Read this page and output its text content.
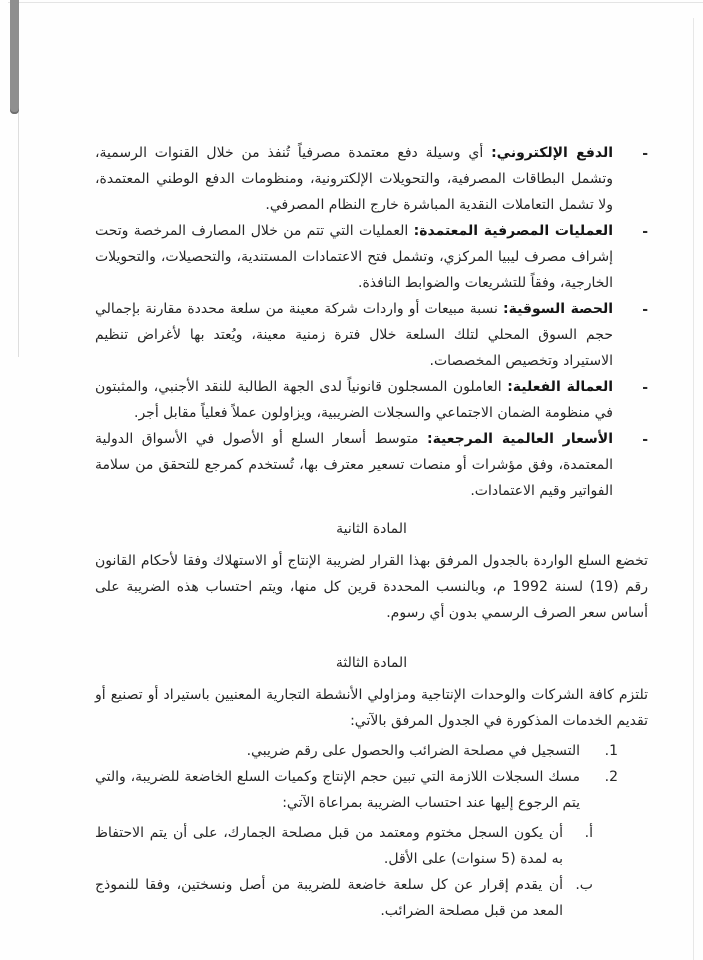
-

الدفع الإلكتروني: أي وسيلة دفع معتمدة مصرفياً تُنفذ من خلال القنوات الرسمية، وتشمل البطاقات المصرفية، والتحويلات الإلكترونية، ومنظومات الدفع الوطني المعتمدة، ولا تشمل التعاملات النقدية المباشرة خارج النظام المصرفي.

-

العمليات المصرفية المعتمدة: العمليات التي تتم من خلال المصارف المرخصة وتحت إشراف مصرف ليبيا المركزي، وتشمل فتح الاعتمادات المستندية، والتحصيلات، والتحويلات الخارجية، وفقاً للتشريعات والضوابط النافذة.

-

الحصة السوقية: نسبة مبيعات أو واردات شركة معينة من سلعة محددة مقارنة بإجمالي حجم السوق المحلي لتلك السلعة خلال فترة زمنية معينة، ويُعتد بها لأغراض تنظيم الاستيراد وتخصيص المخصصات.

-

العمالة الفعلية: العاملون المسجلون قانونياً لدى الجهة الطالبة للنقد الأجنبي، والمثبتون في منظومة الضمان الاجتماعي والسجلات الضريبية، ويزاولون عملاً فعلياً مقابل أجر.

-

الأسعار العالمية المرجعية: متوسط أسعار السلع أو الأصول في الأسواق الدولية المعتمدة، وفق مؤشرات أو منصات تسعير معترف بها، تُستخدم كمرجع للتحقق من سلامة الفواتير وقيم الاعتمادات.

المادة الثانية

تخضع السلع الواردة بالجدول المرفق بهذا القرار لضريبة الإنتاج أو الاستهلاك وفقا لأحكام القانون رقم (19) لسنة 1992 م، وبالنسب المحددة قرين كل منها، ويتم احتساب هذه الضريبة على أساس سعر الصرف الرسمي بدون أي رسوم.

المادة الثالثة

تلتزم كافة الشركات والوحدات الإنتاجية ومزاولي الأنشطة التجارية المعنيين باستيراد أو تصنيع أو تقديم الخدمات المذكورة في الجدول المرفق بالآتي:

1.

التسجيل في مصلحة الضرائب والحصول على رقم ضريبي.

2.

مسك السجلات اللازمة التي تبين حجم الإنتاج وكميات السلع الخاضعة للضريبة، والتي يتم الرجوع إليها عند احتساب الضريبة بمراعاة الآتي:

أ.

أن يكون السجل مختوم ومعتمد من قبل مصلحة الجمارك، على أن يتم الاحتفاظ به لمدة (5 سنوات) على الأقل.

ب.

أن يقدم إقرار عن كل سلعة خاضعة للضريبة من أصل ونسختين، وفقا للنموذج المعد من قبل مصلحة الضرائب.
